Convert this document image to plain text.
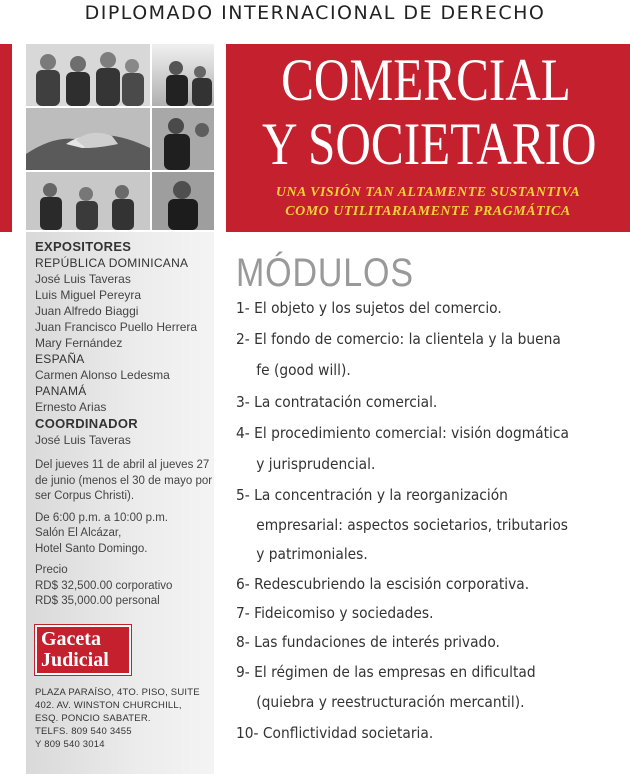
DIPLOMADO INTERNACIONAL DE DERECHO
COMERCIAL
Y SOCIETARIO
UNA VISIÓN TAN ALTAMENTE SUSTANTIVA
COMO UTILITARIAMENTE PRAGMÁTICA
EXPOSITORES
REPÚBLICA DOMINICANA
José Luis Taveras
Luis Miguel Pereyra
Juan Alfredo Biaggi
Juan Francisco Puello Herrera
Mary Fernández
ESPAÑA
Carmen Alonso Ledesma
PANAMÁ
Ernesto Arias
COORDINADOR
José Luis Taveras
Del jueves 11 de abril al jueves 27 de junio (menos el 30 de mayo por ser Corpus Christi).
De 6:00 p.m. a 10:00 p.m.
Salón El Alcázar,
Hotel Santo Domingo.
Precio
RD$ 32,500.00 corporativo
RD$ 35,000.00 personal
Gaceta
Judicial
PLAZA PARAÍSO, 4TO. PISO, SUITE
402. AV. WINSTON CHURCHILL,
ESQ. PONCIO SABATER.
TELFS. 809 540 3455
Y 809 540 3014
MÓDULOS
1- El objeto y los sujetos del comercio.
2- El fondo de comercio: la clientela y la buena
fe (good will).
3- La contratación comercial.
4- El procedimiento comercial: visión dogmática
y jurisprudencial.
5- La concentración y la reorganización
empresarial: aspectos societarios, tributarios
y patrimoniales.
6- Redescubriendo la escisión corporativa.
7- Fideicomiso y sociedades.
8- Las fundaciones de interés privado.
9- El régimen de las empresas en dificultad
(quiebra y reestructuración mercantil).
10- Conflictividad societaria.
